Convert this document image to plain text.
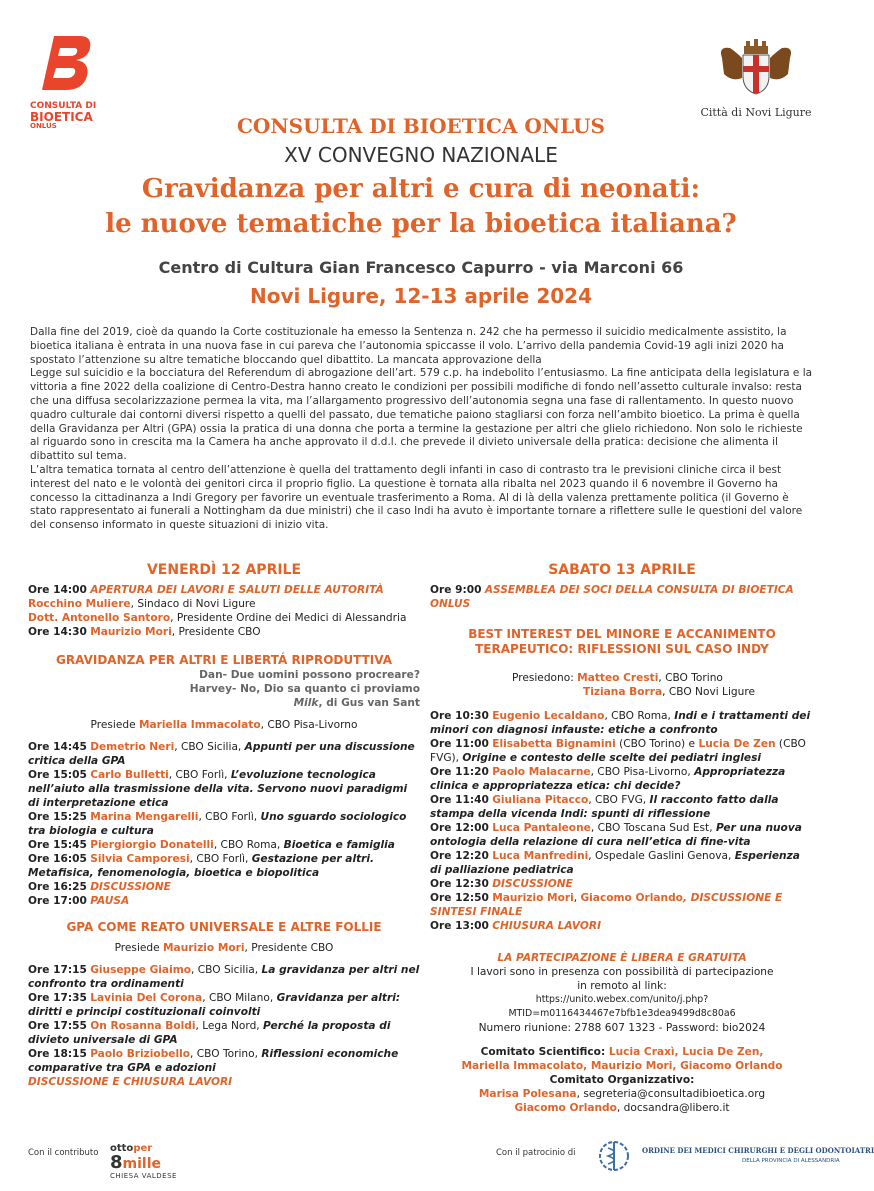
CONSULTA DI
BIOETICA
ONLUS
Città di Novi Ligure
CONSULTA DI BIOETICA ONLUS
XV CONVEGNO NAZIONALE
Gravidanza per altri e cura di neonati:
le nuove tematiche per la bioetica italiana?
Centro di Cultura Gian Francesco Capurro - via Marconi 66
Novi Ligure, 12-13 aprile 2024

Dalla fine del 2019, cioè da quando la Corte costituzionale ha emesso la Sentenza n. 242 che ha permesso il suicidio medicalmente assistito, la bioetica italiana è entrata in una nuova fase in cui pareva che l’autonomia spiccasse il volo. L’arrivo della pandemia Covid-19 agli inizi 2020 ha spostato l’attenzione su altre tematiche bloccando quel dibattito. La mancata approvazione della

Legge sul suicidio e la bocciatura del Referendum di abrogazione dell’art. 579 c.p. ha indebolito l’entusiasmo. La fine anticipata della legislatura e la vittoria a fine 2022 della coalizione di Centro-Destra hanno creato le condizioni per possibili modifiche di fondo nell’assetto culturale invalso: resta che una diffusa secolarizzazione permea la vita, ma l’allargamento progressivo dell’autonomia segna una fase di rallentamento. In questo nuovo quadro culturale dai contorni diversi rispetto a quelli del passato, due tematiche paiono stagliarsi con forza nell’ambito bioetico. La prima è quella della Gravidanza per Altri (GPA) ossia la pratica di una donna che porta a termine la gestazione per altri che glielo richiedono. Non solo le richieste al riguardo sono in crescita ma la Camera ha anche approvato il d.d.l. che prevede il divieto universale della pratica: decisione che alimenta il dibattito sul tema.

L’altra tematica tornata al centro dell’attenzione è quella del trattamento degli infanti in caso di contrasto tra le previsioni cliniche circa il best interest del nato e le volontà dei genitori circa il proprio figlio. La questione è tornata alla ribalta nel 2023 quando il 6 novembre il Governo ha concesso la cittadinanza a Indi Gregory per favorire un eventuale trasferimento a Roma. Al di là della valenza prettamente politica (il Governo è stato rappresentato ai funerali a Nottingham da due ministri) che il caso Indi ha avuto è importante tornare a riflettere sulle le questioni del valore del consenso informato in queste situazioni di inizio vita.

VENERDÌ 12 APRILE

Ore 14:00 APERTURA DEI LAVORI E SALUTI DELLE AUTORITÀ

Rocchino Muliere, Sindaco di Novi Ligure

Dott. Antonello Santoro, Presidente Ordine dei Medici di Alessandria

Ore 14:30 Maurizio Mori, Presidente CBO

GRAVIDANZA PER ALTRI E LIBERTÁ RIPRODUTTIVA
Dan- Due uomini possono procreare?
Harvey- No, Dio sa quanto ci proviamo
Milk, di Gus van Sant
Presiede Mariella Immacolato, CBO Pisa-Livorno

Ore 14:45 Demetrio Neri, CBO Sicilia, Appunti per una discussione critica della GPA

Ore 15:05 Carlo Bulletti, CBO Forlì, L’evoluzione tecnologica nell’aiuto alla trasmissione della vita. Servono nuovi paradigmi di interpretazione etica

Ore 15:25 Marina Mengarelli, CBO Forlì, Uno sguardo sociologico tra biologia e cultura

Ore 15:45 Piergiorgio Donatelli, CBO Roma, Bioetica e famiglia

Ore 16:05 Silvia Camporesi, CBO Forlì, Gestazione per altri. Metafisica, fenomenologia, bioetica e biopolitica

Ore 16:25 DISCUSSIONE

Ore 17:00 PAUSA

GPA COME REATO UNIVERSALE E ALTRE FOLLIE
Presiede Maurizio Mori, Presidente CBO

Ore 17:15 Giuseppe Giaimo, CBO Sicilia, La gravidanza per altri nel confronto tra ordinamenti

Ore 17:35 Lavinia Del Corona, CBO Milano, Gravidanza per altri: diritti e principi costituzionali coinvolti

Ore 17:55 On Rosanna Boldi, Lega Nord, Perché la proposta di divieto universale di GPA

Ore 18:15 Paolo Briziobello, CBO Torino, Riflessioni economiche comparative tra GPA e adozioni

DISCUSSIONE E CHIUSURA LAVORI

SABATO 13 APRILE

Ore 9:00 ASSEMBLEA DEI SOCI DELLA CONSULTA DI BIOETICA ONLUS

BEST INTEREST DEL MINORE E ACCANIMENTO
TERAPEUTICO: RIFLESSIONI SUL CASO INDY
Presiedono: Matteo Cresti, CBO Torino
Tiziana Borra, CBO Novi Ligure

Ore 10:30 Eugenio Lecaldano, CBO Roma, Indi e i trattamenti dei minori con diagnosi infauste: etiche a confronto

Ore 11:00 Elisabetta Bignamini (CBO Torino) e Lucia De Zen (CBO FVG), Origine e contesto delle scelte dei pediatri inglesi

Ore 11:20 Paolo Malacarne, CBO Pisa-Livorno, Appropriatezza clinica e appropriatezza etica: chi decide?

Ore 11:40 Giuliana Pitacco, CBO FVG, Il racconto fatto dalla stampa della vicenda Indi: spunti di riflessione

Ore 12:00 Luca Pantaleone, CBO Toscana Sud Est, Per una nuova ontologia della relazione di cura nell’etica di fine-vita

Ore 12:20 Luca Manfredini, Ospedale Gaslini Genova, Esperienza di palliazione pediatrica

Ore 12:30 DISCUSSIONE

Ore 12:50 Maurizio Mori, Giacomo Orlando, DISCUSSIONE E SINTESI FINALE

Ore 13:00 CHIUSURA LAVORI

LA PARTECIPAZIONE È LIBERA E GRATUITA
I lavori sono in presenza con possibilità di partecipazione
in remoto al link:
https://unito.webex.com/unito/j.php?MTID=m0116434467e7bfb1e3dea9499d8c80a6
Numero riunione: 2788 607 1323 - Password: bio2024
Comitato Scientifico: Lucia Craxì, Lucia De Zen,
Mariella Immacolato, Maurizio Mori, Giacomo Orlando
Comitato Organizzativo:
Marisa Polesana, segreteria@consultadibioetica.org
Giacomo Orlando, docsandra@libero.it
Con il contributo ottoper
8mille
CHIESA VALDESE
Con il patrocinio di	ORDINE DEI MEDICI CHIRURGHI E DEGLI ODONTOIATRI
DELLA PROVINCIA DI ALESSANDRIA
